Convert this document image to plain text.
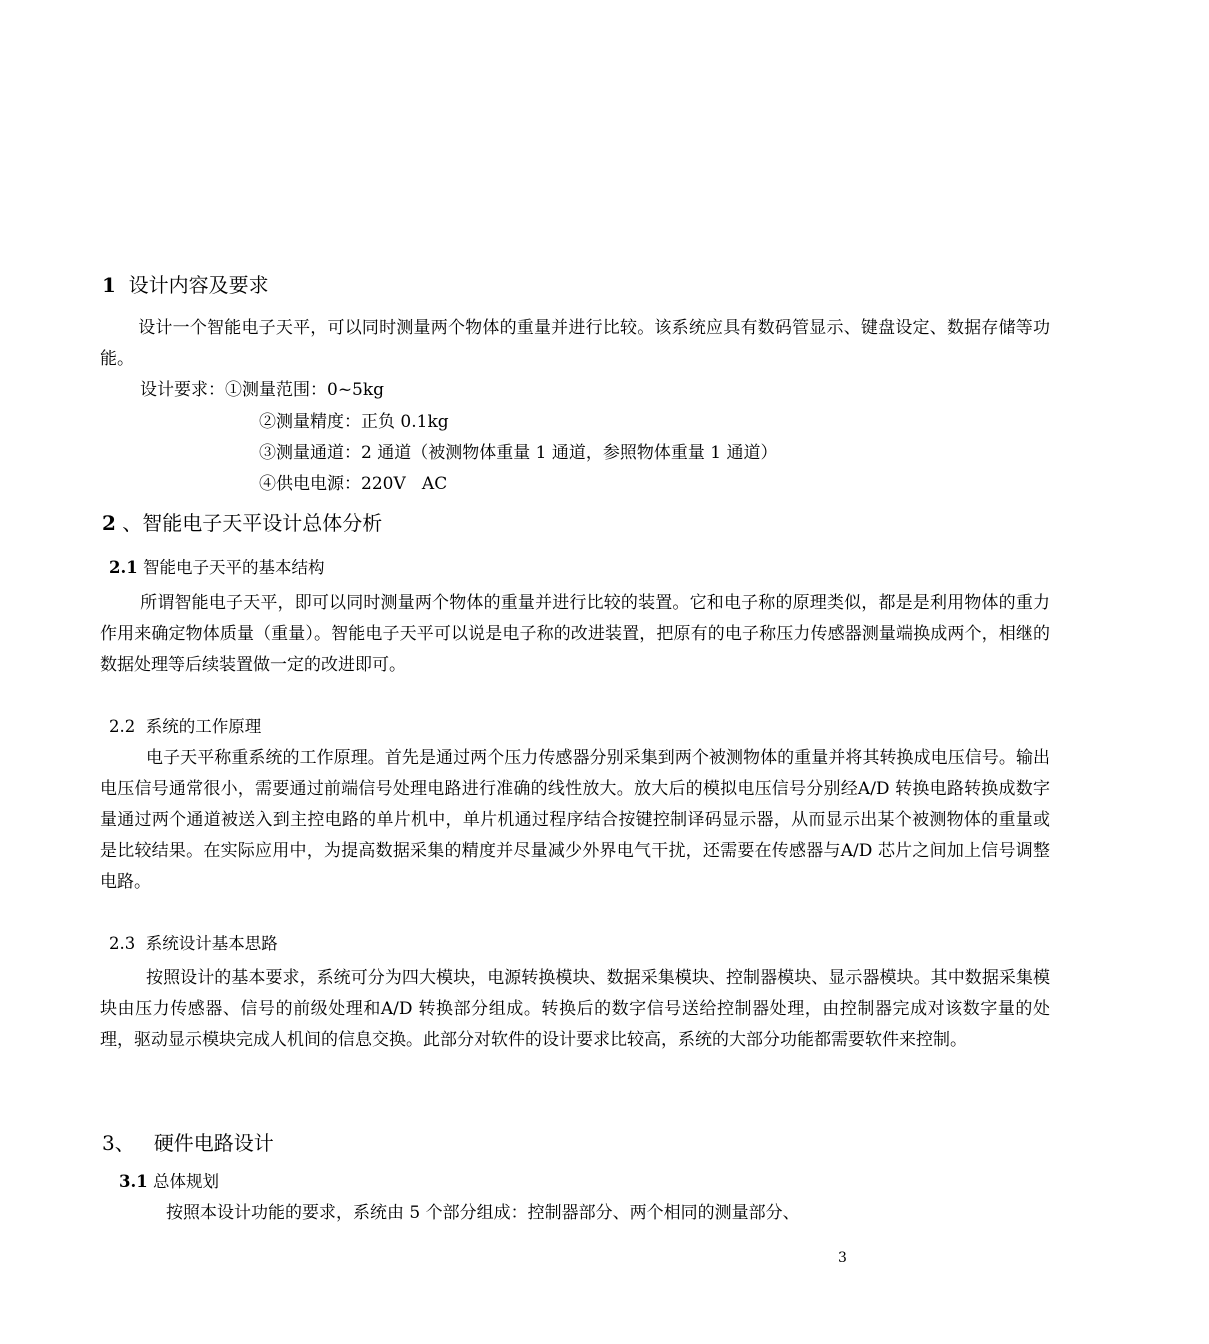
1 设计内容及要求

设计一个智能电子天平，可以同时测量两个物体的重量并进行比较。该系统应具有数码管显示、键盘设定、数据存储等功能。

设计要求：①测量范围：0~5kg
②测量精度：正负 0.1kg
③测量通道：2 通道（被测物体重量 1 通道，参照物体重量 1 通道）
④供电电源：220V   AC
2 、智能电子天平设计总体分析
2.1 智能电子天平的基本结构

所谓智能电子天平，即可以同时测量两个物体的重量并进行比较的装置。它和电子称的原理类似，都是是利用物体的重力作用来确定物体质量（重量）。智能电子天平可以说是电子称的改进装置，把原有的电子称压力传感器测量端换成两个，相继的数据处理等后续装置做一定的改进即可。

2.2 系统的工作原理

电子天平称重系统的工作原理。首先是通过两个压力传感器分别采集到两个被测物体的重量并将其转换成电压信号。输出电压信号通常很小，需要通过前端信号处理电路进行准确的线性放大。放大后的模拟电压信号分别经A/D 转换电路转换成数字量通过两个通道被送入到主控电路的单片机中，单片机通过程序结合按键控制译码显示器，从而显示出某个被测物体的重量或是比较结果。在实际应用中，为提高数据采集的精度并尽量减少外界电气干扰，还需要在传感器与A/D 芯片之间加上信号调整电路。

2.3 系统设计基本思路

按照设计的基本要求，系统可分为四大模块，电源转换模块、数据采集模块、控制器模块、显示器模块。其中数据采集模块由压力传感器、信号的前级处理和A/D 转换部分组成。转换后的数字信号送给控制器处理，由控制器完成对该数字量的处理，驱动显示模块完成人机间的信息交换。此部分对软件的设计要求比较高，系统的大部分功能都需要软件来控制。

3、 硬件电路设计
3.1 总体规划
按照本设计功能的要求，系统由 5 个部分组成：控制器部分、两个相同的测量部分、
3
